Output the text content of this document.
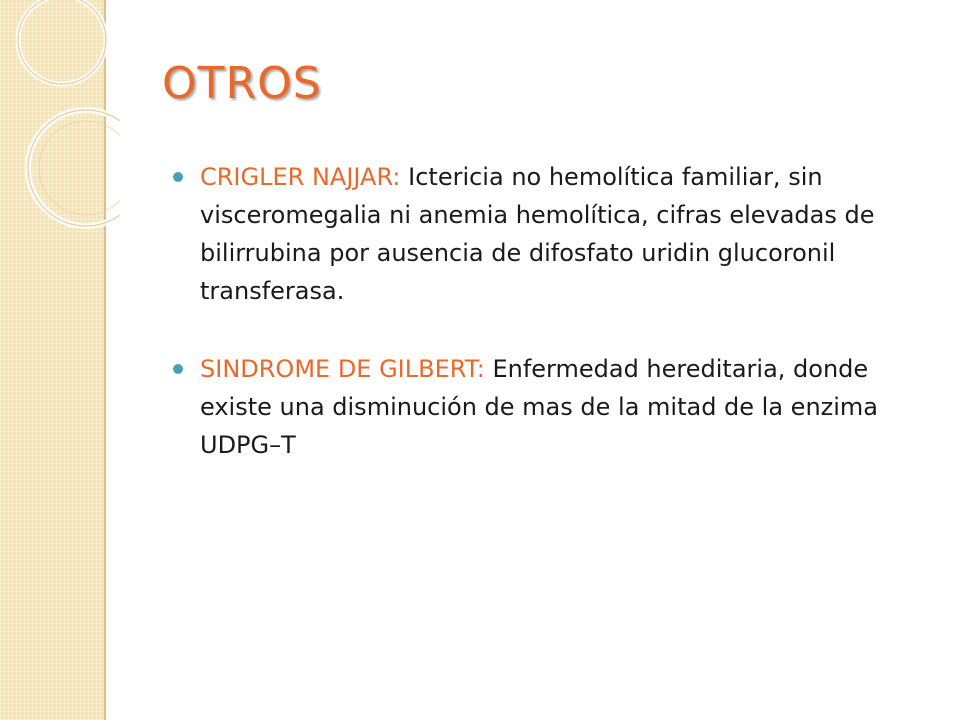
OTROS
CRIGLER NAJJAR: Ictericia no hemolítica familiar, sin visceromegalia ni anemia hemolítica, cifras elevadas de bilirrubina por ausencia de difosfato uridin glucoronil transferasa.
SINDROME DE GILBERT: Enfermedad hereditaria, donde existe una disminución de mas de la mitad de la enzima UDPG–T
